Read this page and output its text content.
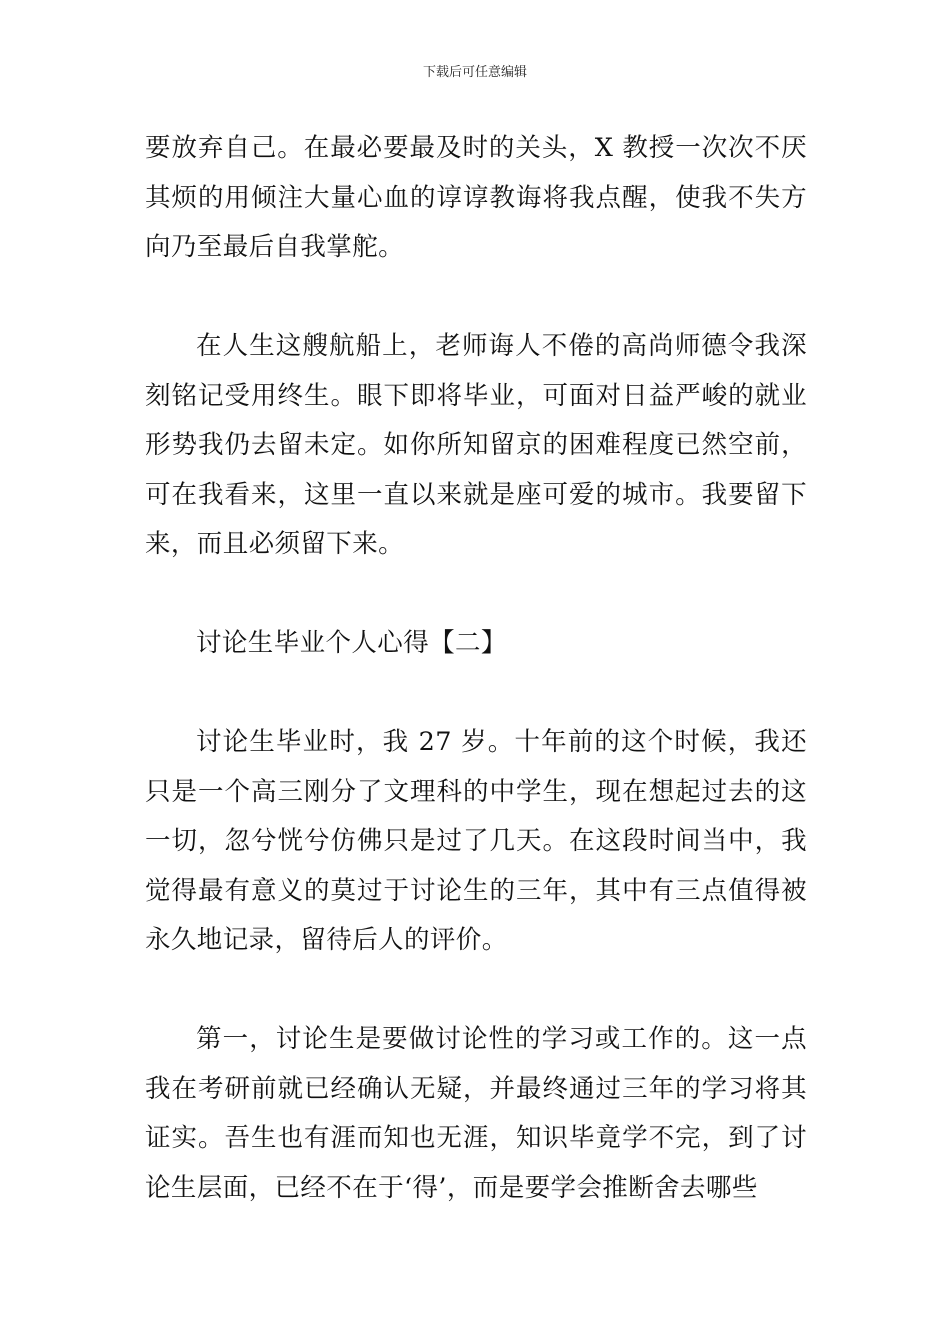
下载后可任意编辑

要放弃自己。在最必要最及时的关头，X 教授一次次不厌其烦的用倾注大量心血的谆谆教诲将我点醒，使我不失方向乃至最后自我掌舵。

在人生这艘航船上，老师诲人不倦的高尚师德令我深刻铭记受用终生。眼下即将毕业，可面对日益严峻的就业形势我仍去留未定。如你所知留京的困难程度已然空前，可在我看来，这里一直以来就是座可爱的城市。我要留下来，而且必须留下来。

讨论生毕业个人心得【二】

讨论生毕业时，我 27 岁。十年前的这个时候，我还只是一个高三刚分了文理科的中学生，现在想起过去的这一切，忽兮恍兮仿佛只是过了几天。在这段时间当中，我觉得最有意义的莫过于讨论生的三年，其中有三点值得被永久地记录，留待后人的评价。

第一，讨论生是要做讨论性的学习或工作的。这一点我在考研前就已经确认无疑，并最终通过三年的学习将其证实。吾生也有涯而知也无涯，知识毕竟学不完，到了讨论生层面，已经不在于‘得’，而是要学会推断舍去哪些
